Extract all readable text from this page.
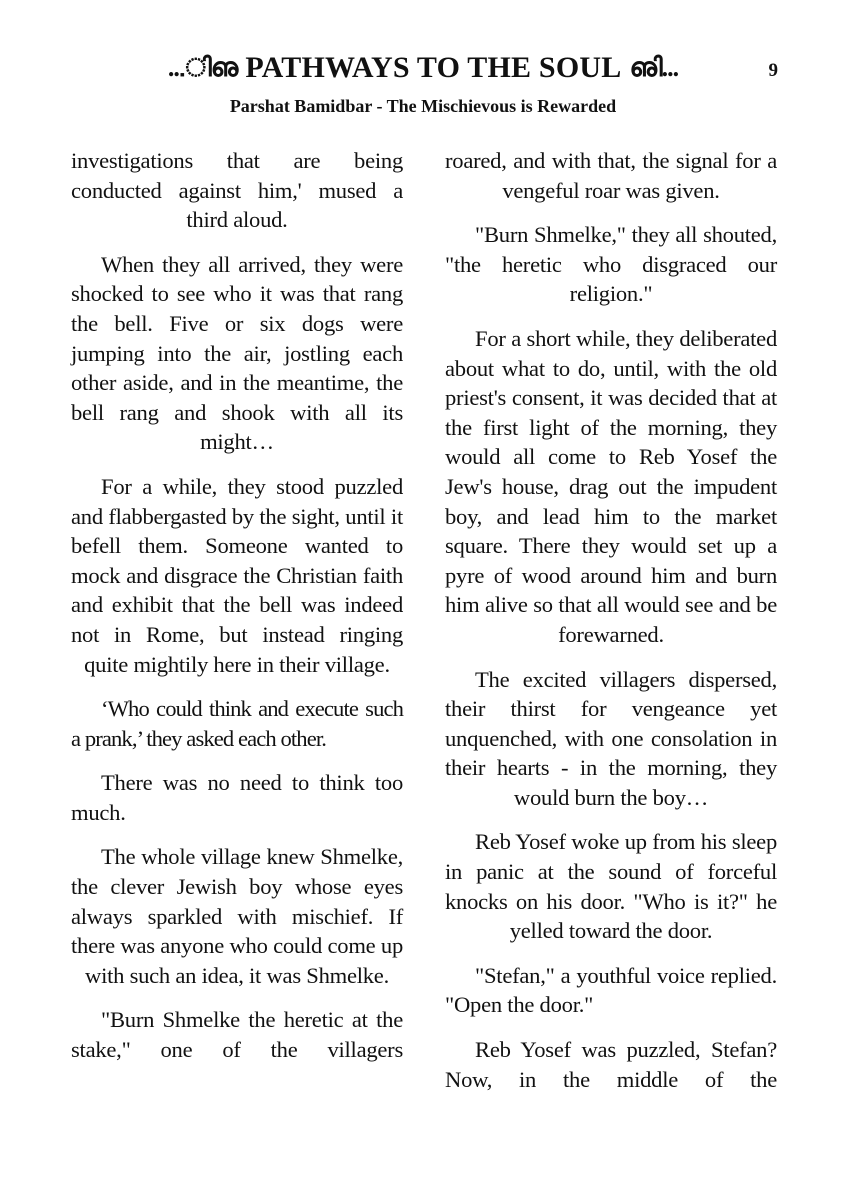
...ിഌ PATHWAYS TO THE SOUL ഌി...	9
Parshat Bamidbar - The Mischievous is Rewarded

investigations that are being conducted against him,' mused a third aloud.

When they all arrived, they were shocked to see who it was that rang the bell. Five or six dogs were jumping into the air, jostling each other aside, and in the meantime, the bell rang and shook with all its might…

For a while, they stood puzzled and flabbergasted by the sight, until it befell them. Someone wanted to mock and disgrace the Christian faith and exhibit that the bell was indeed not in Rome, but instead ringing quite mightily here in their village.

‘Who could think and execute such a prank,’ they asked each other.

There was no need to think too much.

The whole village knew Shmelke, the clever Jewish boy whose eyes always sparkled with mischief. If there was anyone who could come up with such an idea, it was Shmelke.

"Burn Shmelke the heretic at the stake," one of the villagers

roared, and with that, the signal for a vengeful roar was given.

"Burn Shmelke," they all shouted, "the heretic who disgraced our religion."

For a short while, they deliberated about what to do, until, with the old priest's consent, it was decided that at the first light of the morning, they would all come to Reb Yosef the Jew's house, drag out the impudent boy, and lead him to the market square. There they would set up a pyre of wood around him and burn him alive so that all would see and be forewarned.

The excited villagers dispersed, their thirst for vengeance yet unquenched, with one consolation in their hearts - in the morning, they would burn the boy…

Reb Yosef woke up from his sleep in panic at the sound of forceful knocks on his door. "Who is it?" he yelled toward the door.

"Stefan," a youthful voice replied. "Open the door."

Reb Yosef was puzzled, Stefan? Now, in the middle of the
